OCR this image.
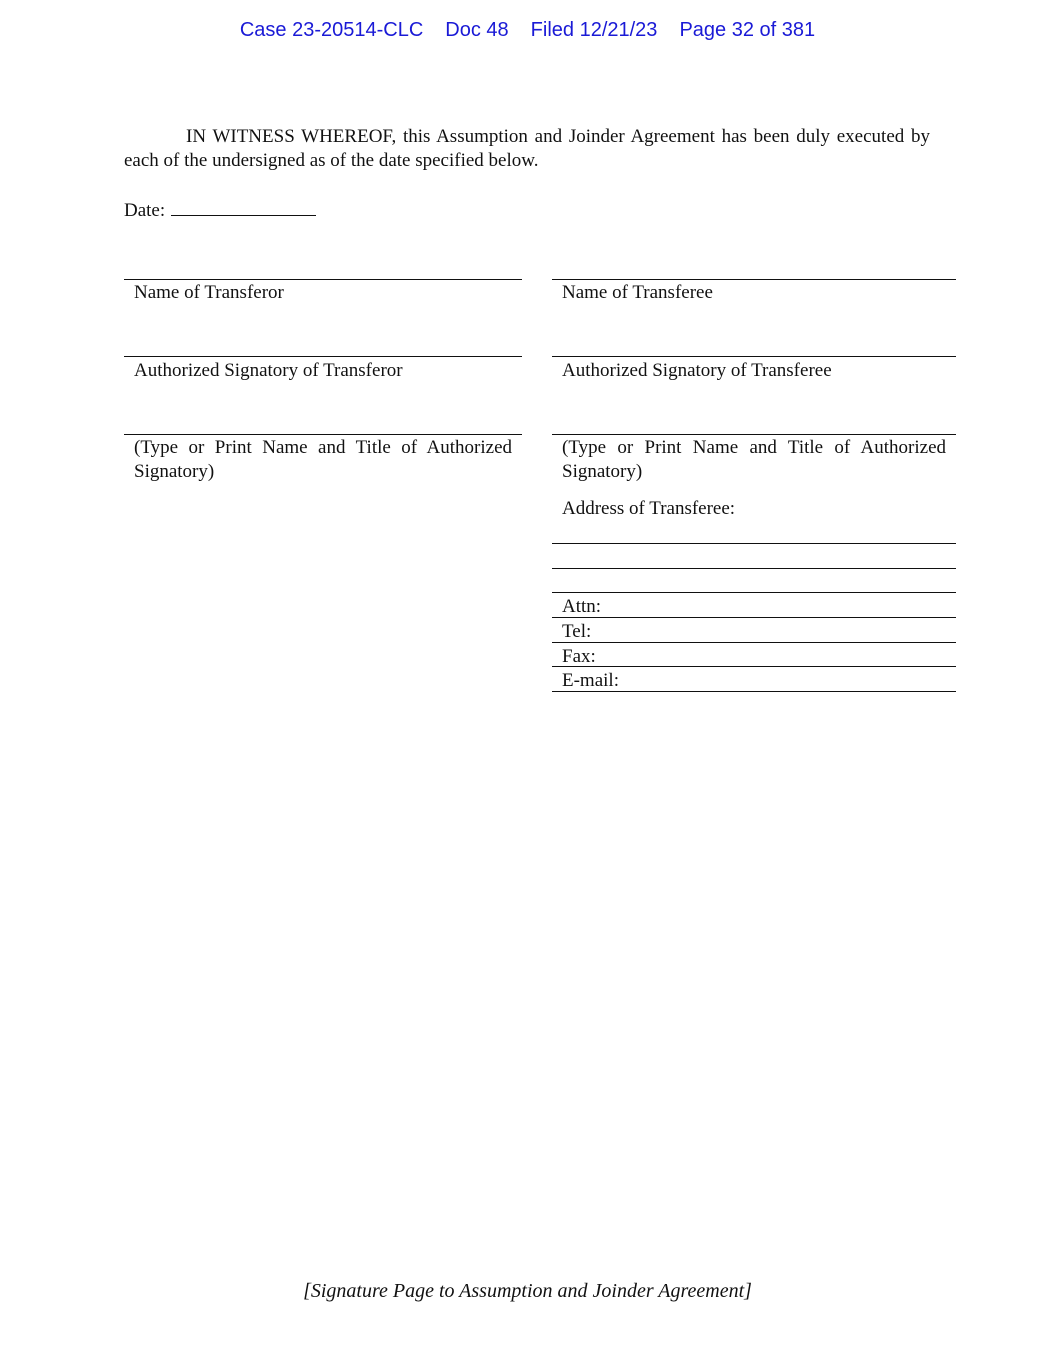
Case 23-20514-CLC Doc 48 Filed 12/21/23 Page 32 of 381
IN WITNESS WHEREOF, this Assumption and Joinder Agreement has been duly executed by each of the undersigned as of the date specified below.
Date:
Name of Transferor
Authorized Signatory of Transferor
(Type or Print Name and Title of Authorized Signatory)
Name of Transferee
Authorized Signatory of Transferee
(Type or Print Name and Title of Authorized Signatory)
Address of Transferee:
Attn:
Tel:
Fax:
E-mail:
[Signature Page to Assumption and Joinder Agreement]
